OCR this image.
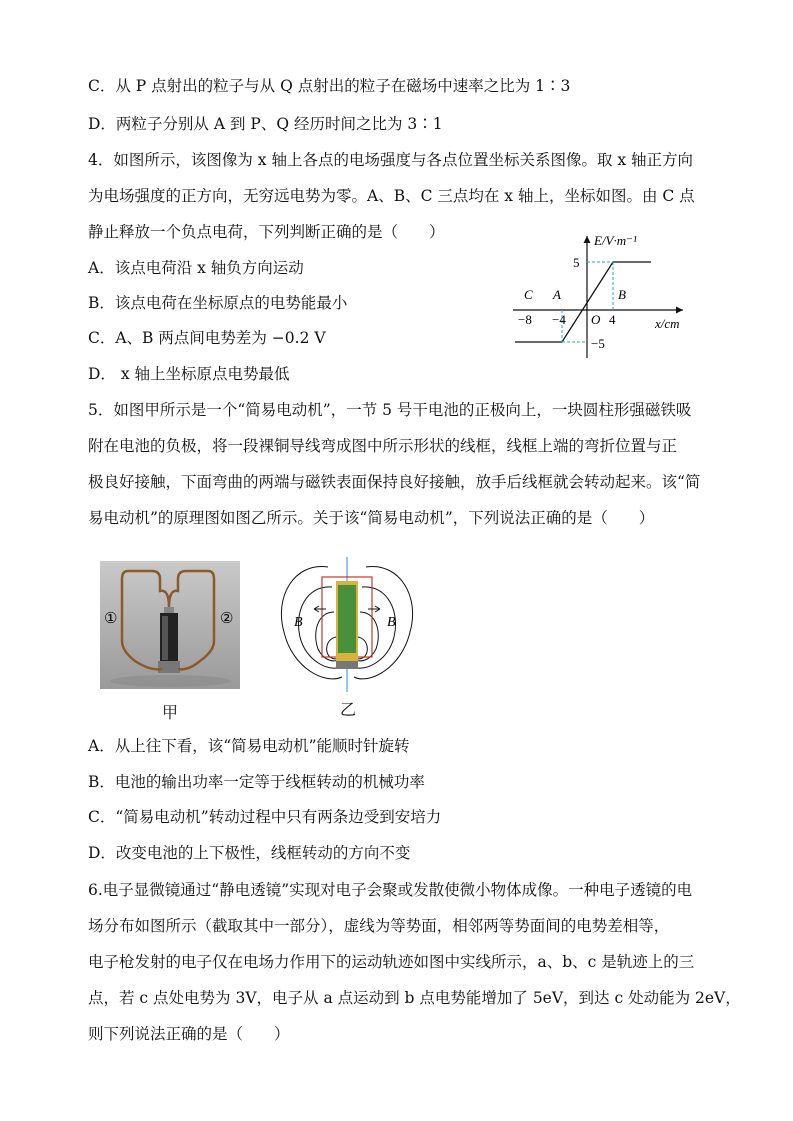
C．从 P 点射出的粒子与从 Q 点射出的粒子在磁场中速率之比为 1∶3
D．两粒子分别从 A 到 P、Q 经历时间之比为 3∶1
4．如图所示，该图像为 x 轴上各点的电场强度与各点位置坐标关系图像。取 x 轴正方向
为电场强度的正方向，无穷远电势为零。A、B、C 三点均在 x 轴上，坐标如图。由 C 点
静止释放一个负点电荷，下列判断正确的是（　　）
A．该点电荷沿 x 轴负方向运动
B．该点电荷在坐标原点的电势能最小
C．A、B 两点间电势差为 −0.2 V
D． x 轴上坐标原点电势最低
E/V·m⁻¹
x/cm
5
−5
O
−8 −4	4
C A	B
5．如图甲所示是一个“简易电动机”，一节 5 号干电池的正极向上，一块圆柱形强磁铁吸
附在电池的负极，将一段裸铜导线弯成图中所示形状的线框，线框上端的弯折位置与正
极良好接触，下面弯曲的两端与磁铁表面保持良好接触，放手后线框就会转动起来。该“简
易电动机”的原理图如图乙所示。关于该“简易电动机”，下列说法正确的是（　　）
①	②
甲
B	B
乙
A．从上往下看，该“简易电动机”能顺时针旋转
B．电池的输出功率一定等于线框转动的机械功率
C．“简易电动机”转动过程中只有两条边受到安培力
D．改变电池的上下极性，线框转动的方向不变
6.电子显微镜通过“静电透镜”实现对电子会聚或发散使微小物体成像。一种电子透镜的电
场分布如图所示（截取其中一部分），虚线为等势面，相邻两等势面间的电势差相等，
电子枪发射的电子仅在电场力作用下的运动轨迹如图中实线所示，a、b、c 是轨迹上的三
点，若 c 点处电势为 3V，电子从 a 点运动到 b 点电势能增加了 5eV，到达 c 处动能为 2eV，
则下列说法正确的是（　　）
